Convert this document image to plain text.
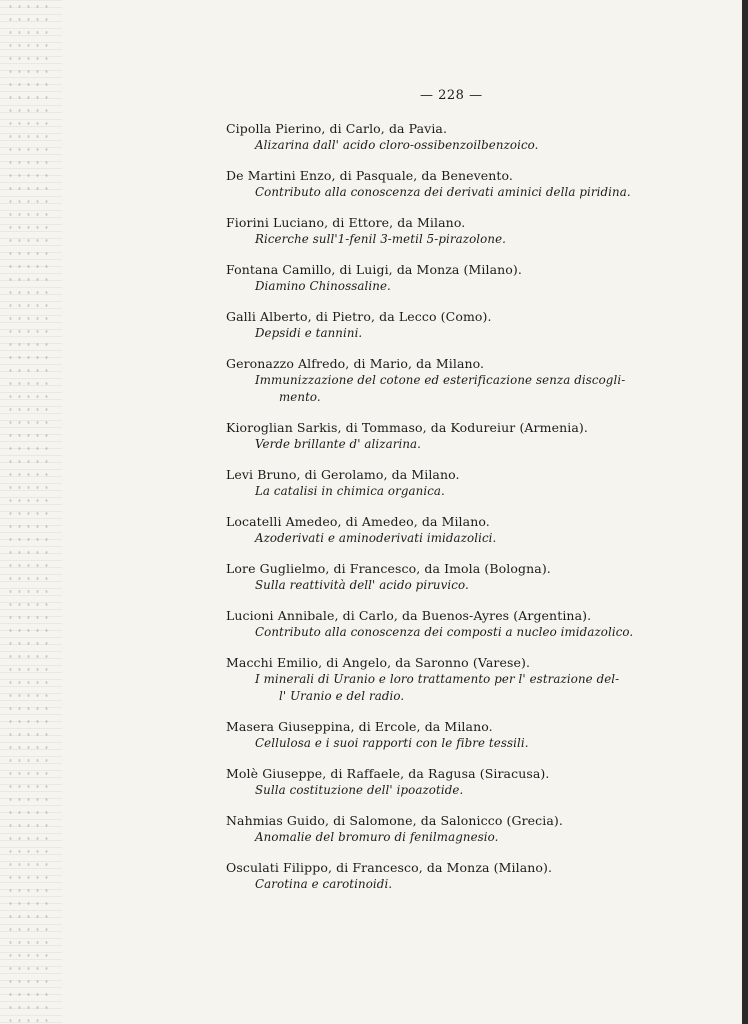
— 228 —
Cipolla Pierino, di Carlo, da Pavia.
Alizarina dall' acido cloro-ossibenzoilbenzoico.
De Martini Enzo, di Pasquale, da Benevento.
Contributo alla conoscenza dei derivati aminici della piridina.
Fiorini Luciano, di Ettore, da Milano.
Ricerche sull'1-fenil 3-metil 5-pirazolone.
Fontana Camillo, di Luigi, da Monza (Milano).
Diamino Chinossaline.
Galli Alberto, di Pietro, da Lecco (Como).
Depsidi e tannini.
Geronazzo Alfredo, di Mario, da Milano.
Immunizzazione del cotone ed esterificazione senza discogli-
mento.
Kioroglian Sarkis, di Tommaso, da Kodureiur (Armenia).
Verde brillante d' alizarina.
Levi Bruno, di Gerolamo, da Milano.
La catalisi in chimica organica.
Locatelli Amedeo, di Amedeo, da Milano.
Azoderivati e aminoderivati imidazolici.
Lore Guglielmo, di Francesco, da Imola (Bologna).
Sulla reattività dell' acido piruvico.
Lucioni Annibale, di Carlo, da Buenos-Ayres (Argentina).
Contributo alla conoscenza dei composti a nucleo imidazolico.
Macchi Emilio, di Angelo, da Saronno (Varese).
I minerali di Uranio e loro trattamento per l' estrazione del-
l' Uranio e del radio.
Masera Giuseppina, di Ercole, da Milano.
Cellulosa e i suoi rapporti con le fibre tessili.
Molè Giuseppe, di Raffaele, da Ragusa (Siracusa).
Sulla costituzione dell' ipoazotide.
Nahmias Guido, di Salomone, da Salonicco (Grecia).
Anomalie del bromuro di fenilmagnesio.
Osculati Filippo, di Francesco, da Monza (Milano).
Carotina e carotinoidi.
